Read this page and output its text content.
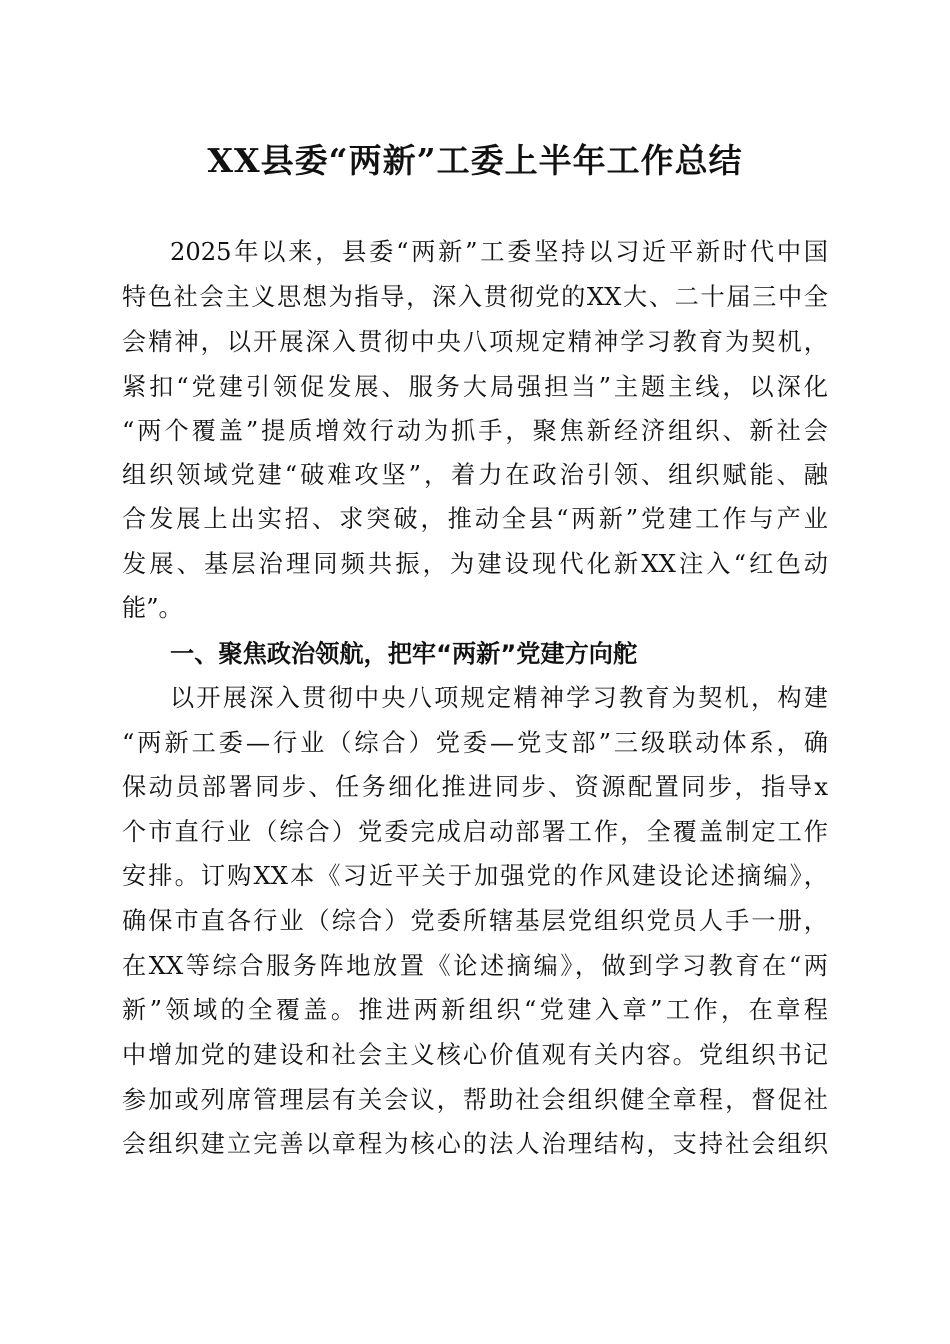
XX县委“两新”工委上半年工作总结
2025年以来，县委“两新”工委坚持以习近平新时代中国
特色社会主义思想为指导，深入贯彻党的XX大、二十届三中全
会精神，以开展深入贯彻中央八项规定精神学习教育为契机，
紧扣“党建引领促发展、服务大局强担当”主题主线，以深化
“两个覆盖”提质增效行动为抓手，聚焦新经济组织、新社会
组织领域党建“破难攻坚”，着力在政治引领、组织赋能、融
合发展上出实招、求突破，推动全县“两新”党建工作与产业
发展、基层治理同频共振，为建设现代化新XX注入“红色动
能”。
一、聚焦政治领航，把牢“两新”党建方向舵
以开展深入贯彻中央八项规定精神学习教育为契机，构建
“两新工委—行业（综合）党委—党支部”三级联动体系，确
保动员部署同步、任务细化推进同步、资源配置同步，指导x
个市直行业（综合）党委完成启动部署工作，全覆盖制定工作
安排。订购XX本《习近平关于加强党的作风建设论述摘编》，
确保市直各行业（综合）党委所辖基层党组织党员人手一册，
在XX等综合服务阵地放置《论述摘编》，做到学习教育在“两
新”领域的全覆盖。推进两新组织“党建入章”工作，在章程
中增加党的建设和社会主义核心价值观有关内容。党组织书记
参加或列席管理层有关会议，帮助社会组织健全章程，督促社
会组织建立完善以章程为核心的法人治理结构，支持社会组织
